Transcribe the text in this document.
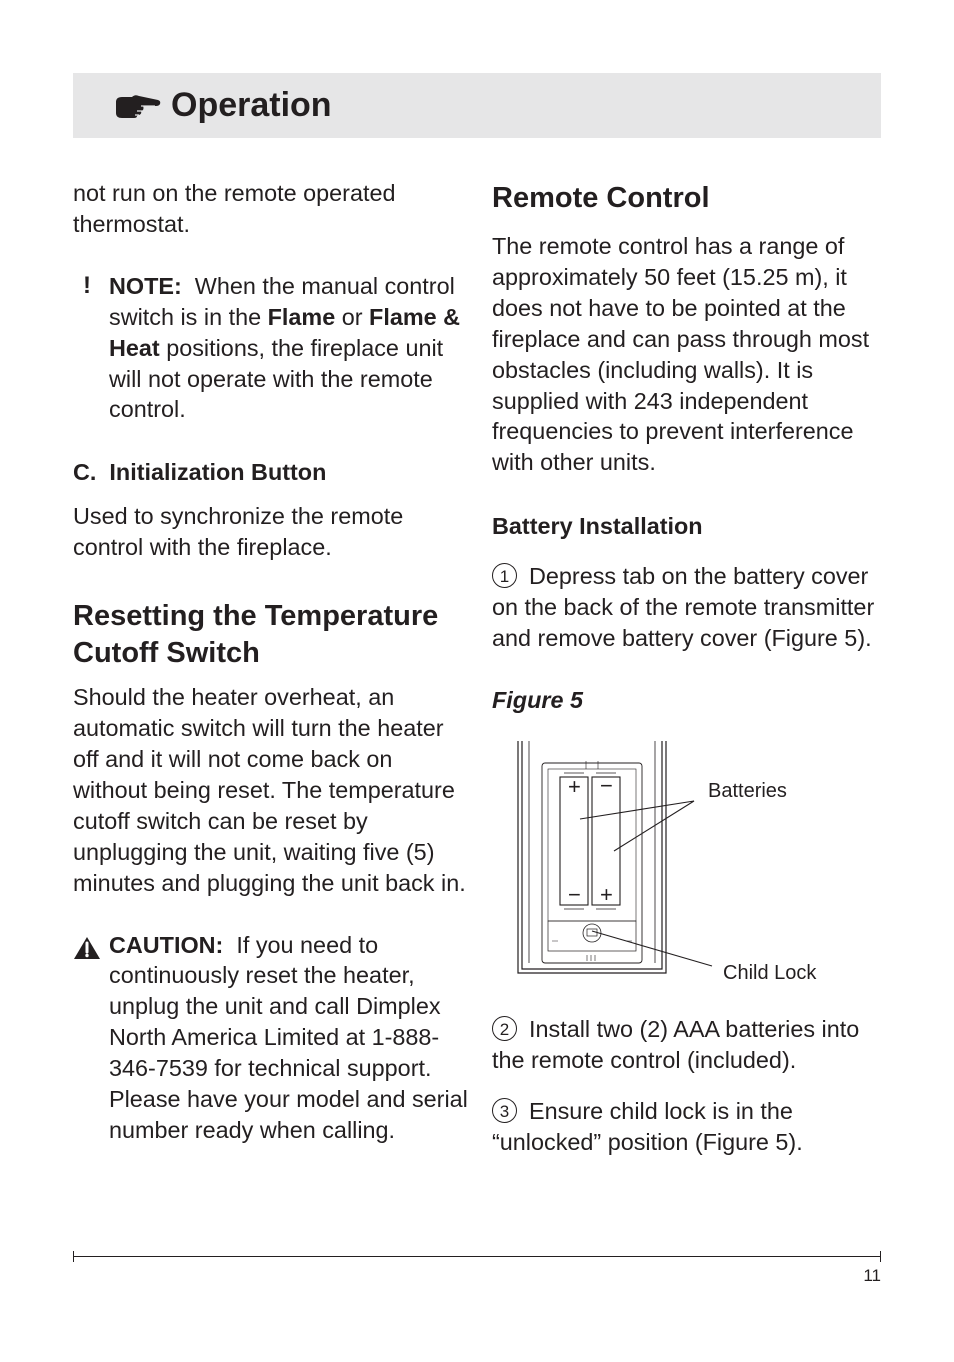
Operation

not run on the remote operated thermostat.

! NOTE: When the manual control switch is in the Flame or Flame & Heat positions, the fireplace unit will not operate with the remote control.

C. Initialization Button

Used to synchronize the remote control with the fireplace.

Resetting the Temperature Cutoff Switch

Should the heater overheat, an automatic switch will turn the heater off and it will not come back on without being reset. The temperature cutoff switch can be reset by unplugging the unit, waiting five (5) minutes and plugging the unit back in.

CAUTION: If you need to continuously reset the heater, unplug the unit and call Dimplex North America Limited at 1-888-346-7539 for technical support. Please have your model and serial number ready when calling.

Remote Control

The remote control has a range of approximately 50 feet (15.25 m), it does not have to be pointed at the fireplace and can pass through most obstacles (including walls). It is supplied with 243 independent frequencies to prevent interference with other units.

Battery Installation

1 Depress tab on the battery cover on the back of the remote transmitter and remove battery cover (Figure 5).

Figure 5
+ −
− +
Batteries
Child Lock

2 Install two (2) AAA batteries into the remote control (included).

3 Ensure child lock is in the “unlocked” position (Figure 5).

11
